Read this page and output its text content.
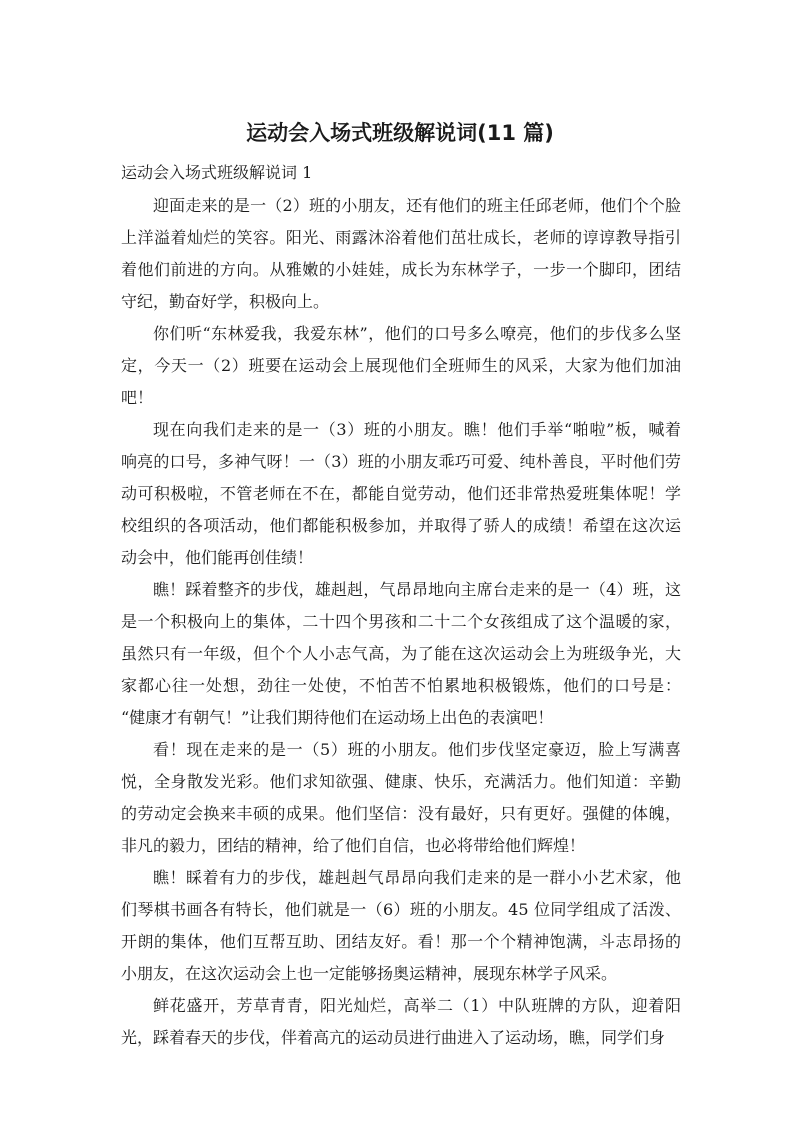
运动会入场式班级解说词(11 篇)
运动会入场式班级解说词 1
迎面走来的是一（2）班的小朋友，还有他们的班主任邱老师，他们个个脸
上洋溢着灿烂的笑容。阳光、雨露沐浴着他们茁壮成长，老师的谆谆教导指引
着他们前进的方向。从雅嫩的小娃娃，成长为东林学子，一步一个脚印，团结
守纪，勤奋好学，积极向上。
你们听“东林爱我，我爱东林”，他们的口号多么嘹亮，他们的步伐多么坚
定，今天一（2）班要在运动会上展现他们全班师生的风采，大家为他们加油
吧！
现在向我们走来的是一（3）班的小朋友。瞧！他们手举“啪啦”板，喊着
响亮的口号，多神气呀！一（3）班的小朋友乖巧可爱、纯朴善良，平时他们劳
动可积极啦，不管老师在不在，都能自觉劳动，他们还非常热爱班集体呢！学
校组织的各项活动，他们都能积极参加，并取得了骄人的成绩！希望在这次运
动会中，他们能再创佳绩！
瞧！踩着整齐的步伐，雄赳赳，气昂昂地向主席台走来的是一（4）班，这
是一个积极向上的集体，二十四个男孩和二十二个女孩组成了这个温暖的家，
虽然只有一年级，但个个人小志气高，为了能在这次运动会上为班级争光，大
家都心往一处想，劲往一处使，不怕苦不怕累地积极锻炼，他们的口号是：
“健康才有朝气！”让我们期待他们在运动场上出色的表演吧！
看！现在走来的是一（5）班的小朋友。他们步伐坚定豪迈，脸上写满喜
悦，全身散发光彩。他们求知欲强、健康、快乐，充满活力。他们知道：辛勤
的劳动定会换来丰硕的成果。他们坚信：没有最好，只有更好。强健的体魄，
非凡的毅力，团结的精神，给了他们自信，也必将带给他们辉煌！
瞧！睬着有力的步伐，雄赳赳气昂昂向我们走来的是一群小小艺术家，他
们琴棋书画各有特长，他们就是一（6）班的小朋友。45 位同学组成了活泼、
开朗的集体，他们互帮互助、团结友好。看！那一个个精神饱满，斗志昂扬的
小朋友，在这次运动会上也一定能够扬奥运精神，展现东林学子风采。
鲜花盛开，芳草青青，阳光灿烂，高举二（1）中队班牌的方队，迎着阳
光，踩着春天的步伐，伴着高亢的运动员进行曲进入了运动场，瞧，同学们身
